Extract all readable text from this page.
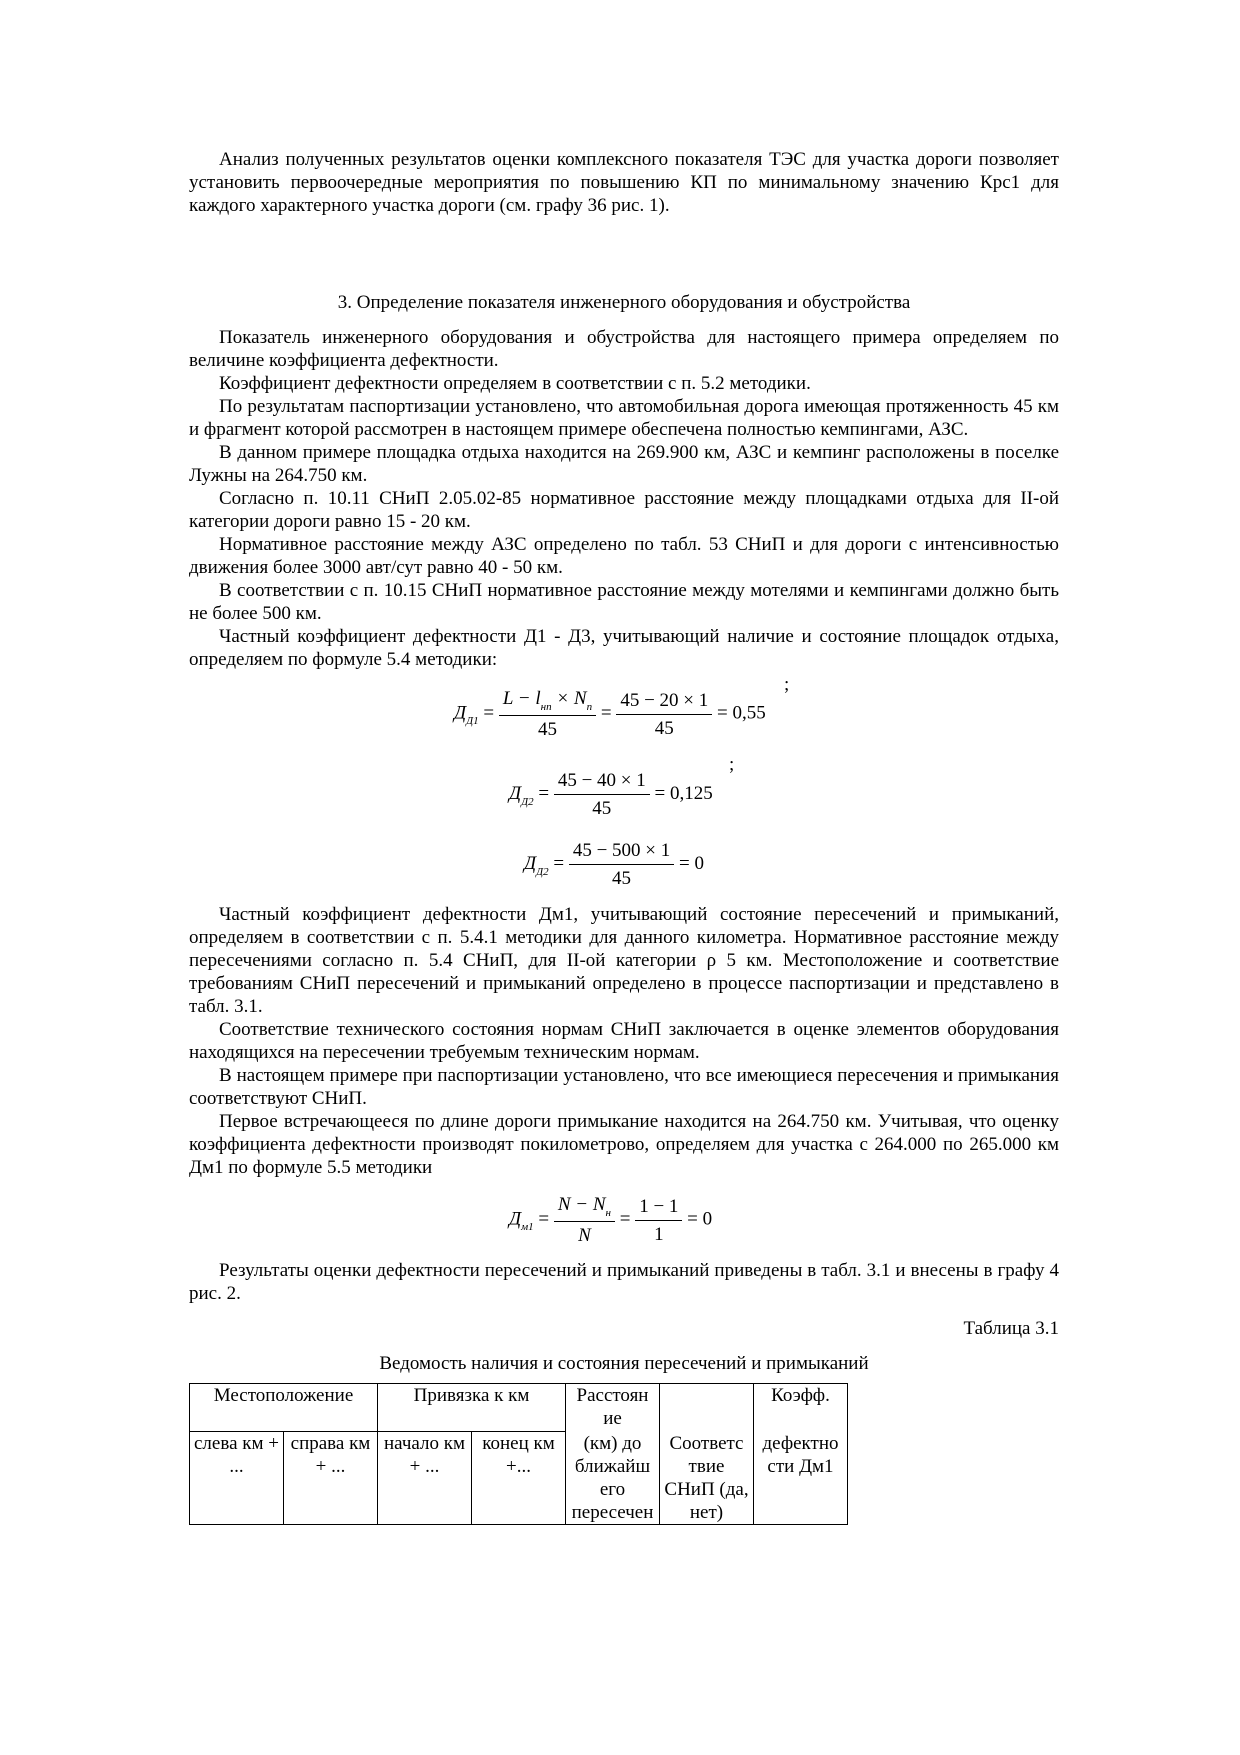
Анализ полученных результатов оценки комплексного показателя ТЭС для участка дороги позволяет установить первоочередные мероприятия по повышению КП по минимальному значению Крс1 для каждого характерного участка дороги (см. графу 36 рис. 1).

3. Определение показателя инженерного оборудования и обустройства

Показатель инженерного оборудования и обустройства для настоящего примера определяем по величине коэффициента дефектности.

Коэффициент дефектности определяем в соответствии с п. 5.2 методики.

По результатам паспортизации установлено, что автомобильная дорога имеющая протяженность 45 км и фрагмент которой рассмотрен в настоящем примере обеспечена полностью кемпингами, АЗС.

В данном примере площадка отдыха находится на 269.900 км, АЗС и кемпинг расположены в поселке Лужны на 264.750 км.

Согласно п. 10.11 СНиП 2.05.02-85 нормативное расстояние между площадками отдыха для II-ой категории дороги равно 15 - 20 км.

Нормативное расстояние между АЗС определено по табл. 53 СНиП и для дороги с интенсивностью движения более 3000 авт/сут равно 40 - 50 км.

В соответствии с п. 10.15 СНиП нормативное расстояние между мотелями и кемпингами должно быть не более 500 км.

Частный коэффициент дефектности Д1 - Д3, учитывающий наличие и состояние площадок отдыха, определяем по формуле 5.4 методики:

;
$Д_{Д1} = \frac{L - l_{нп} \times N_п}{45} = \frac{45 - 20 \times 1}{45} = 0,55$
;
$Д_{Д2} = \frac{45 - 40 \times 1}{45} = 0,125$
$Д_{Д2} = \frac{45 - 500 \times 1}{45} = 0$

Частный коэффициент дефектности Дм1, учитывающий состояние пересечений и примыканий, определяем в соответствии с п. 5.4.1 методики для данного километра. Нормативное расстояние между пересечениями согласно п. 5.4 СНиП, для II-ой категории ρ 5 км. Местоположение и соответствие требованиям СНиП пересечений и примыканий определено в процессе паспортизации и представлено в табл. 3.1.

Соответствие технического состояния нормам СНиП заключается в оценке элементов оборудования находящихся на пересечении требуемым техническим нормам.

В настоящем примере при паспортизации установлено, что все имеющиеся пересечения и примыкания соответствуют СНиП.

Первое встречающееся по длине дороги примыкание находится на 264.750 км. Учитывая, что оценку коэффициента дефектности производят покилометрово, определяем для участка с 264.000 по 265.000 км Дм1 по формуле 5.5 методики

$Д_{м1} = \frac{N - N_н}{N} = \frac{1 - 1}{1} = 0$

Результаты оценки дефектности пересечений и примыканий приведены в табл. 3.1 и внесены в графу 4 рис. 2.

Таблица 3.1

Ведомость наличия и состояния пересечений и примыканий

Местоположение		Привязка к км		Расстоян ие		Коэфф.
слева км + ...	справа км + ...	начало км + ...	конец км +...	(км) до ближайш его пересечен	Соответс твие СНиП (да, нет)	дефектно сти Дм1
